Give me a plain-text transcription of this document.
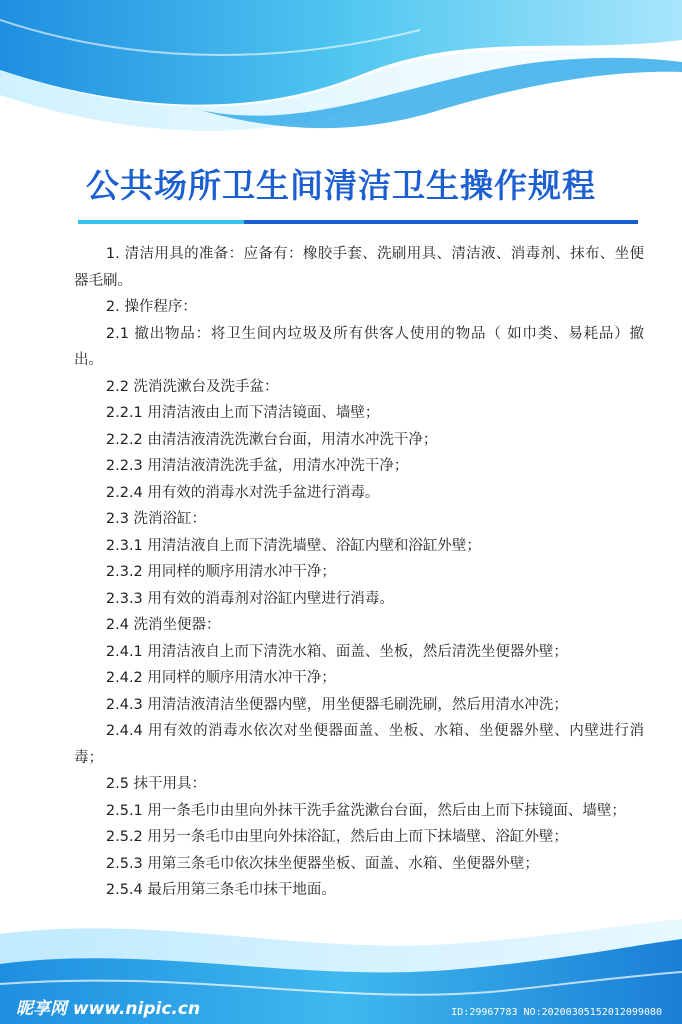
公共场所卫生间清洁卫生操作规程
1. 清洁用具的准备：应备有：橡胶手套、洗刷用具、清洁液、消毒剂、抹布、坐便器毛刷。
2. 操作程序：
2.1 撤出物品：将卫生间内垃圾及所有供客人使用的物品（ 如巾类、易耗品）撤出。
2.2 洗消洗漱台及洗手盆：
2.2.1 用清洁液由上而下清洁镜面、墙壁；
2.2.2 由清洁液清洗洗漱台台面，用清水冲洗干净；
2.2.3 用清洁液清洗洗手盆，用清水冲洗干净；
2.2.4 用有效的消毒水对洗手盆进行消毒。
2.3 洗消浴缸：
2.3.1 用清洁液自上而下清洗墙壁、浴缸内壁和浴缸外壁；
2.3.2 用同样的顺序用清水冲干净；
2.3.3 用有效的消毒剂对浴缸内壁进行消毒。
2.4 洗消坐便器：
2.4.1 用清洁液自上而下清洗水箱、面盖、坐板，然后清洗坐便器外壁；
2.4.2 用同样的顺序用清水冲干净；
2.4.3 用清洁液清洁坐便器内壁，用坐便器毛刷洗刷，然后用清水冲洗；
2.4.4 用有效的消毒水依次对坐便器面盖、坐板、水箱、坐便器外壁、内壁进行消毒；
2.5 抹干用具：
2.5.1 用一条毛巾由里向外抹干洗手盆洗漱台台面，然后由上而下抹镜面、墙壁；
2.5.2 用另一条毛巾由里向外抹浴缸，然后由上而下抹墙壁、浴缸外壁；
2.5.3 用第三条毛巾依次抹坐便器坐板、面盖、水箱、坐便器外壁；
2.5.4 最后用第三条毛巾抹干地面。
昵享网 www.nipic.cn	ID:29967783 NO:20200305152012099080
